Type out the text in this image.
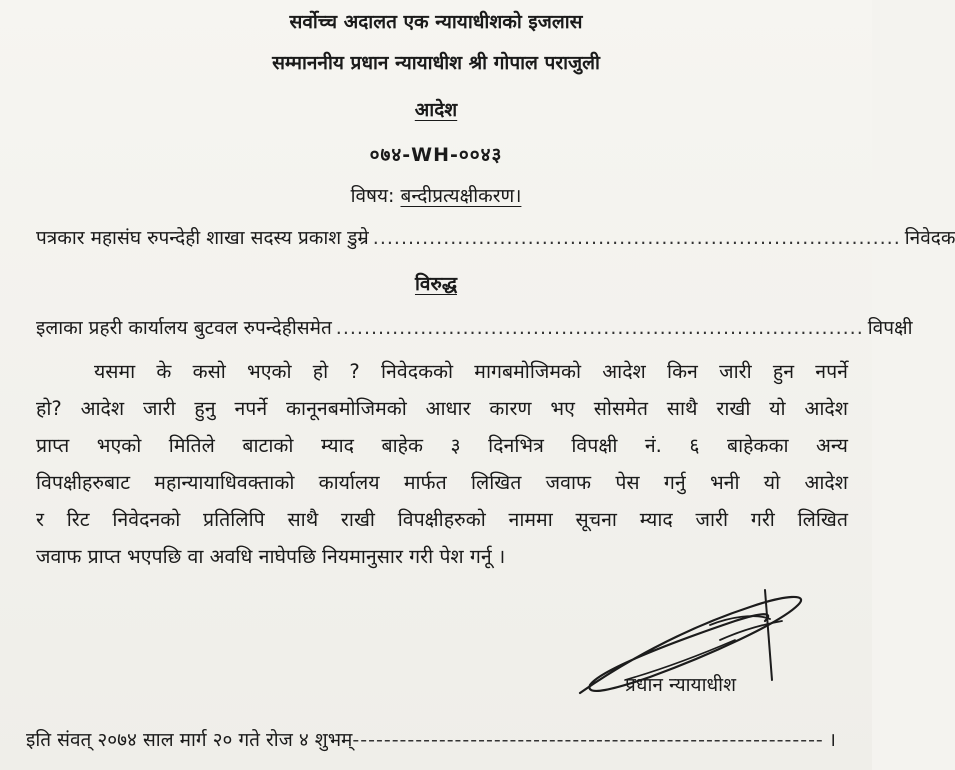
सर्वोच्च अदालत एक न्यायाधीशको इजलास
सम्माननीय प्रधान न्यायाधीश श्री गोपाल पराजुली
आदेश
०७४-WH-००४३
विषय: बन्दीप्रत्यक्षीकरण।
पत्रकार महासंघ रुपन्देही शाखा सदस्य प्रकाश डुम्रे ........................................................................... निवेदक
विरुद्ध
इलाका प्रहरी कार्यालय बुटवल रुपन्देहीसमेत ........................................................................... विपक्षी
यसमा के कसो भएको हो ? निवेदकको मागबमोजिमको आदेश किन जारी हुन नपर्ने
हो? आदेश जारी हुनु नपर्ने कानूनबमोजिमको आधार कारण भए सोसमेत साथै राखी यो आदेश
प्राप्त भएको मितिले बाटाको म्याद बाहेक ३ दिनभित्र विपक्षी नं. ६ बाहेकका अन्य
विपक्षीहरुबाट महान्यायाधिवक्ताको कार्यालय मार्फत लिखित जवाफ पेस गर्नु भनी यो आदेश
र रिट निवेदनको प्रतिलिपि साथै राखी विपक्षीहरुको नाममा सूचना म्याद जारी गरी लिखित
जवाफ प्राप्त भएपछि वा अवधि नाघेपछि नियमानुसार गरी पेश गर्नू ।
प्रधान न्यायाधीश
इति संवत् २०७४ साल मार्ग २० गते रोज ४ शुभम् ------------------------------------------------------------ ।
